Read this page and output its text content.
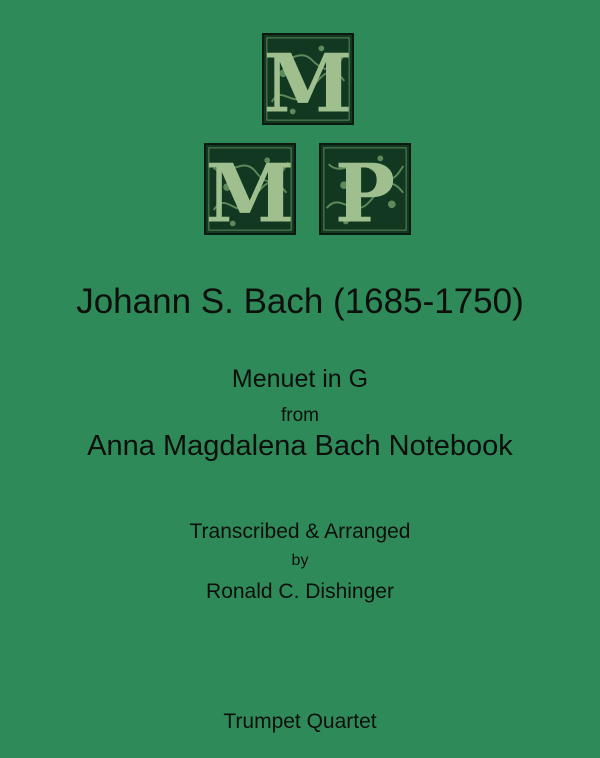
M
M P
Johann S. Bach (1685-1750)
Menuet in G
from
Anna Magdalena Bach Notebook
Transcribed & Arranged
by
Ronald C. Dishinger
Trumpet Quartet
